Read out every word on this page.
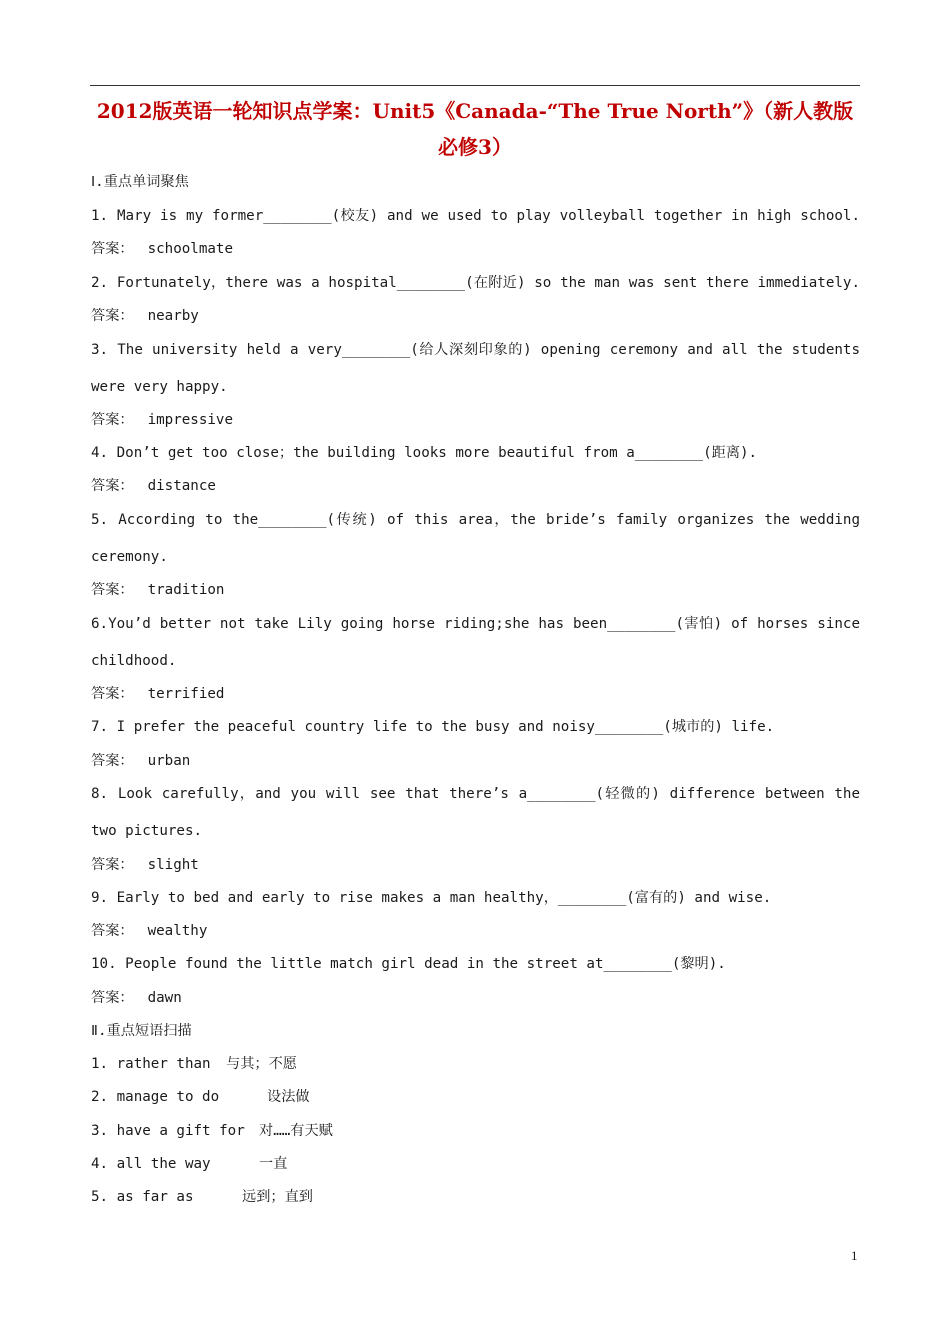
2012版英语一轮知识点学案：Unit5《Canada-“The True North”》（新人教版
必修3）
Ⅰ.重点单词聚焦
1. Mary is my former________(校友) and we used to play volleyball together in high school.
答案： schoolmate
2. Fortunately，there was a hospital________(在附近) so the man was sent there immediately.
答案： nearby
3. The university held a very________(给人深刻印象的) opening ceremony and all the students
were very happy.
答案： impressive
4. Don’t get too close；the building looks more beautiful from a________(距离).
答案： distance
5. According to the________(传统) of this area，the bride’s family organizes the wedding
ceremony.
答案： tradition
6.You’d better not take Lily going horse riding;she has been________(害怕) of horses since
childhood.
答案： terrified
7. I prefer the peaceful country life to the busy and noisy________(城市的) life.
答案： urban
8. Look carefully，and you will see that there’s a________(轻微的) difference between the
two pictures.
答案： slight
9. Early to bed and early to rise makes a man healthy，________(富有的) and wise.
答案： wealthy
10. People found the little match girl dead in the street at________(黎明).
答案： dawn
Ⅱ.重点短语扫描
1. rather than 与其；不愿
2. manage to do	设法做
3. have a gift for 对……有天赋
4. all the way	一直
5. as far as	远到；直到
1
